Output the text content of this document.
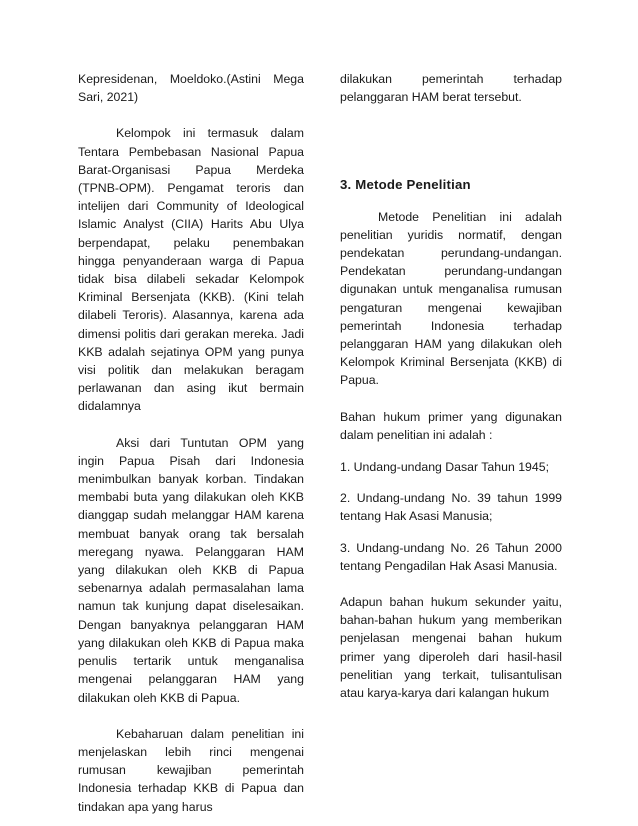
Kepresidenan, Moeldoko.(Astini Mega Sari, 2021)

Kelompok ini termasuk dalam Tentara Pembebasan Nasional Papua Barat-Organisasi Papua Merdeka (TPNB-OPM). Pengamat teroris dan intelijen dari Community of Ideological Islamic Analyst (CIIA) Harits Abu Ulya berpendapat, pelaku penembakan hingga penyanderaan warga di Papua tidak bisa dilabeli sekadar Kelompok Kriminal Bersenjata (KKB). (Kini telah dilabeli Teroris). Alasannya, karena ada dimensi politis dari gerakan mereka. Jadi KKB adalah sejatinya OPM yang punya visi politik dan melakukan beragam perlawanan dan asing ikut bermain didalamnya

Aksi dari Tuntutan OPM yang ingin Papua Pisah dari Indonesia menimbulkan banyak korban. Tindakan membabi buta yang dilakukan oleh KKB dianggap sudah melanggar HAM karena membuat banyak orang tak bersalah meregang nyawa. Pelanggaran HAM yang dilakukan oleh KKB di Papua sebenarnya adalah permasalahan lama namun tak kunjung dapat diselesaikan. Dengan banyaknya pelanggaran HAM yang dilakukan oleh KKB di Papua maka penulis tertarik untuk menganalisa mengenai pelanggaran HAM yang dilakukan oleh KKB di Papua.

Kebaharuan dalam penelitian ini menjelaskan lebih rinci mengenai rumusan kewajiban pemerintah Indonesia terhadap KKB di Papua dan tindakan apa yang harus

dilakukan pemerintah terhadap pelanggaran HAM berat tersebut.

3. Metode Penelitian

Metode Penelitian ini adalah penelitian yuridis normatif, dengan pendekatan perundang-undangan. Pendekatan perundang-undangan digunakan untuk menganalisa rumusan pengaturan mengenai kewajiban pemerintah Indonesia terhadap pelanggaran HAM yang dilakukan oleh Kelompok Kriminal Bersenjata (KKB) di Papua.

Bahan hukum primer yang digunakan dalam penelitian ini adalah :

1. Undang-undang Dasar Tahun 1945;

2. Undang-undang No. 39 tahun 1999 tentang Hak Asasi Manusia;

3. Undang-undang No. 26 Tahun 2000 tentang Pengadilan Hak Asasi Manusia.

Adapun bahan hukum sekunder yaitu, bahan-bahan hukum yang memberikan penjelasan mengenai bahan hukum primer yang diperoleh dari hasil-hasil penelitian yang terkait, tulisantulisan atau karya-karya dari kalangan hukum
